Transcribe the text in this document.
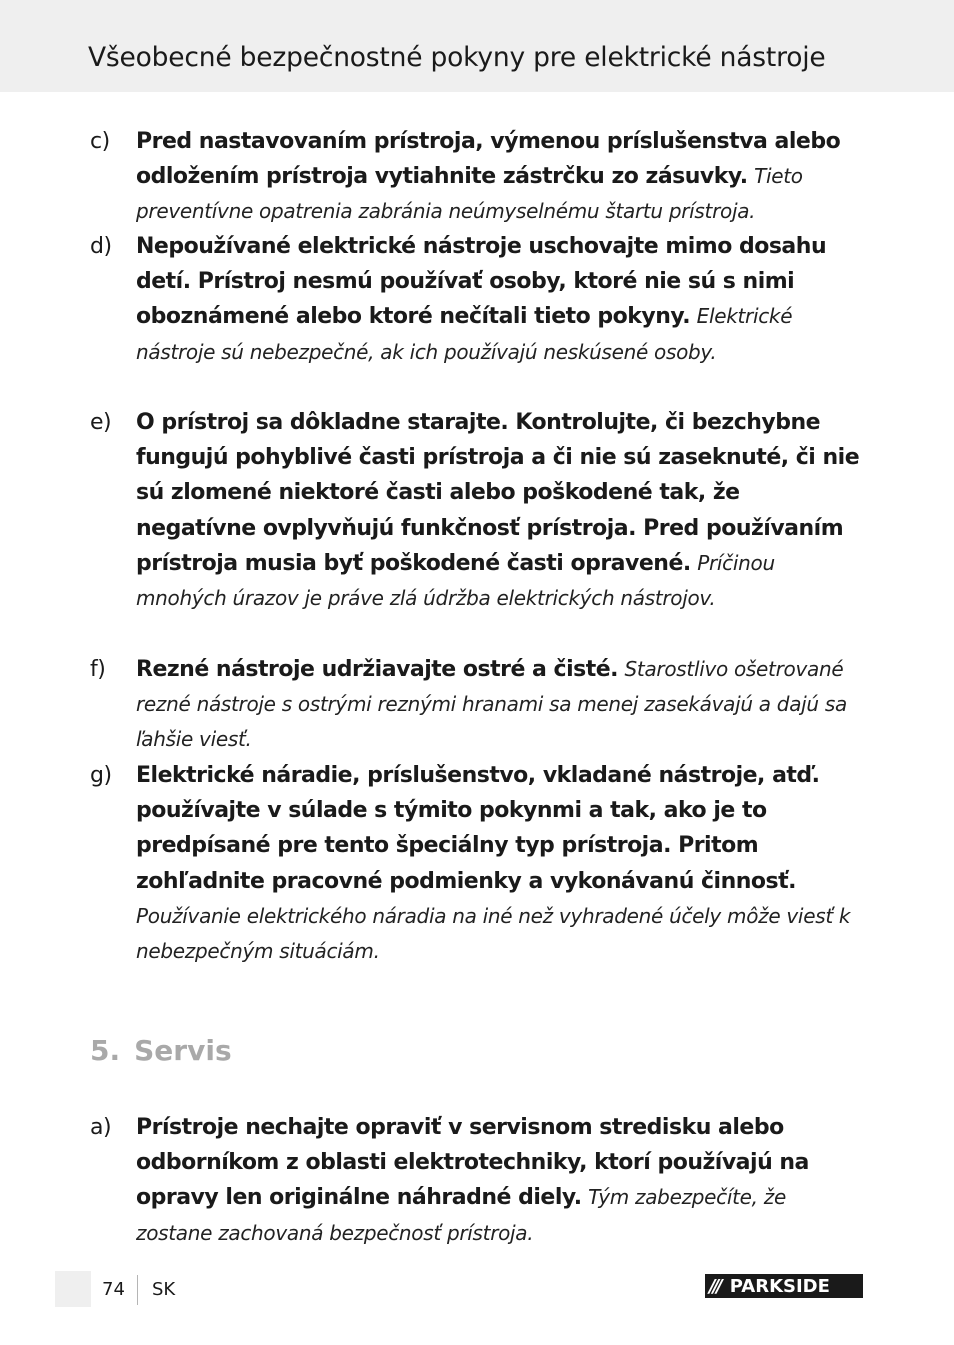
Všeobecné bezpečnostné pokyny pre elektrické nástroje
c)	Pred nastavovaním prístroja, výmenou príslušenstva alebo odložením prístroja vytiahnite zástrčku zo zásuvky. Tieto preventívne opatrenia zabránia neúmyselnému štartu prístroja.
d)	Nepoužívané elektrické nástroje uschovajte mimo dosahu detí. Prístroj nesmú používať osoby, ktoré nie sú s nimi oboznámené alebo ktoré nečítali tieto pokyny. Elektrické nástroje sú nebezpečné, ak ich používajú neskúsené osoby.
e)	O prístroj sa dôkladne starajte. Kontrolujte, či bezchybne fungujú pohyblivé časti prístroja a či nie sú zaseknuté, či nie sú zlomené niektoré časti alebo poškodené tak, že negatívne ovplyvňujú funkčnosť prístroja. Pred používaním prístroja musia byť poškodené časti opravené. Príčinou mnohých úrazov je práve zlá údržba elektrických nástrojov.
f)	Rezné nástroje udržiavajte ostré a čisté. Starostlivo ošetrované rezné nástroje s ostrými reznými hranami sa menej zasekávajú a dajú sa ľahšie viesť.
g)	Elektrické náradie, príslušenstvo, vkladané nástroje, atď. používajte v súlade s týmito pokynmi a tak, ako je to predpísané pre tento špeciálny typ prístroja. Pritom zohľadnite pracovné podmienky a vykonávanú činnosť. Používanie elektrického náradia na iné než vyhradené účely môže viesť k nebezpečným situáciám.
5. Servis
a)	Prístroje nechajte opraviť v servisnom stredisku alebo odborníkom z oblasti elektrotechniky, ktorí používajú na opravy len originálne náhradné diely. Tým zabezpečíte, že zostane zachovaná bezpečnosť prístroja.
74 SK	/// PARKSIDE
